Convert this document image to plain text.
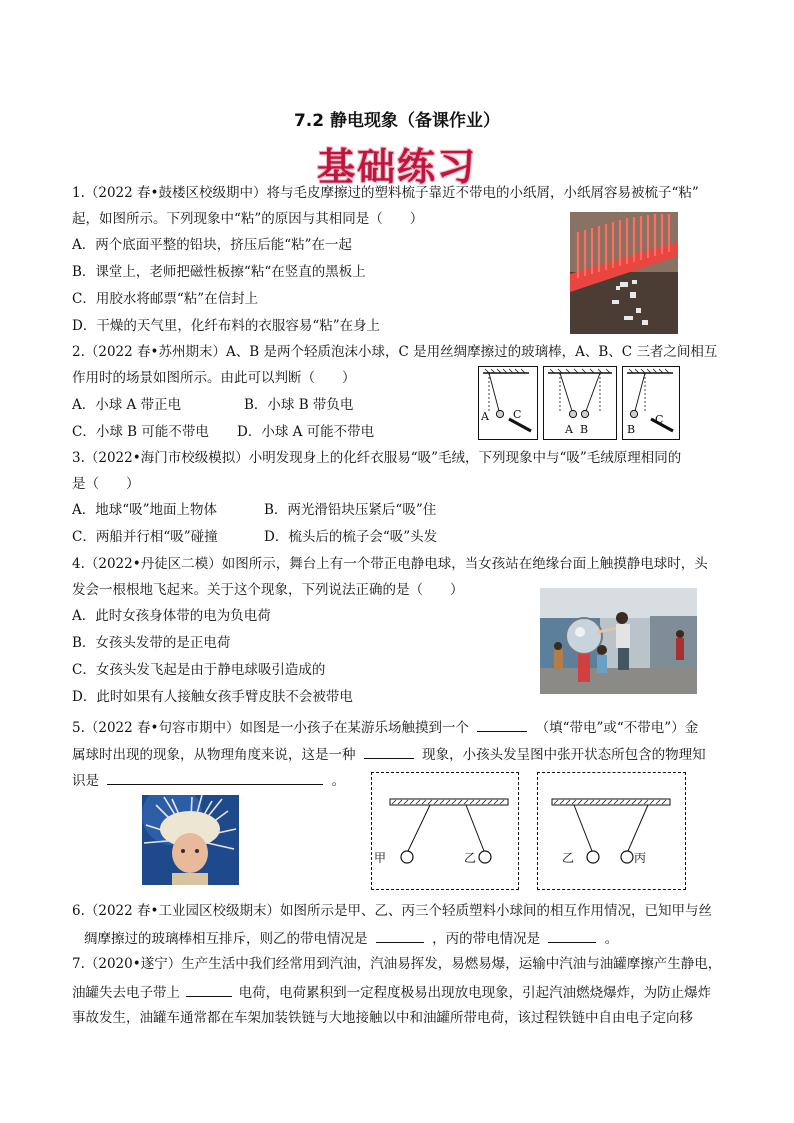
7.2 静电现象（备课作业）
基础练习
1.（2022 春•鼓楼区校级期中）将与毛皮摩擦过的塑料梳子靠近不带电的小纸屑，小纸屑容易被梳子“粘”
起，如图所示。下列现象中“粘”的原因与其相同是（　　）
A．两个底面平整的铅块，挤压后能“粘”在一起
B．课堂上，老师把磁性板擦“粘“在竖直的黑板上
C．用胶水将邮票“粘”在信封上
D．干燥的天气里，化纤布料的衣服容易“粘”在身上
2.（2022 春•苏州期末）A、B 是两个轻质泡沫小球，C 是用丝绸摩擦过的玻璃棒，A、B、C 三者之间相互
作用时的场景如图所示。由此可以判断（　　）
A．小球 A 带正电	B．小球 B 带负电
C．小球 B 可能不带电 D．小球 A 可能不带电
A C
A B	B
C
3.（2022•海门市校级模拟）小明发现身上的化纤衣服易“吸”毛绒，下列现象中与“吸”毛绒原理相同的
是（　　）
A．地球“吸”地面上物体	B．两光滑铅块压紧后“吸”住
C．两船并行相“吸”碰撞	D．梳头后的梳子会“吸”头发
4.（2022•丹徒区二模）如图所示，舞台上有一个带正电静电球，当女孩站在绝缘台面上触摸静电球时，头
发会一根根地飞起来。关于这个现象，下列说法正确的是（　　）
A．此时女孩身体带的电为负电荷
B．女孩头发带的是正电荷
C．女孩头发飞起是由于静电球吸引造成的
D．此时如果有人接触女孩手臂皮肤不会被带电
5.（2022 春•句容市期中）如图是一小孩子在某游乐场触摸到一个	（填“带电”或“不带电”）金
属球时出现的现象，从物理角度来说，这是一种	现象，小孩头发呈图中张开状态所包含的物理知
识是	。
甲	乙	乙	丙
6.（2022 春•工业园区校级期末）如图所示是甲、乙、丙三个轻质塑料小球间的相互作用情况，已知甲与丝
绸摩擦过的玻璃棒相互排斥，则乙的带电情况是	，丙的带电情况是	。
7.（2020•遂宁）生产生活中我们经常用到汽油，汽油易挥发，易燃易爆，运输中汽油与油罐摩擦产生静电，
油罐失去电子带上	电荷，电荷累积到一定程度极易出现放电现象，引起汽油燃烧爆炸，为防止爆炸
事故发生，油罐车通常都在车架加装铁链与大地接触以中和油罐所带电荷，该过程铁链中自由电子定向移
